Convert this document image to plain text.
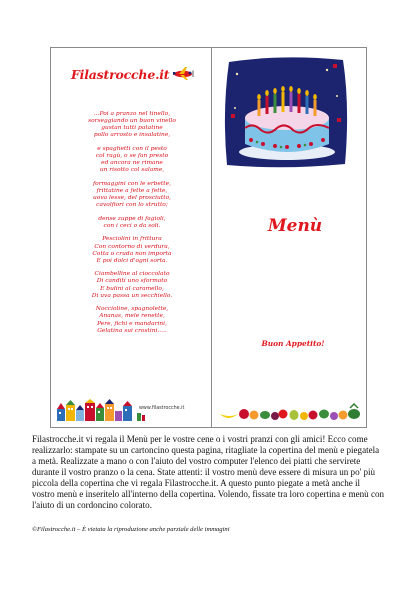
Filastrocche.it
...Poi a pranzo nel tinello,
sorseggiando un buon vinello
gustan tutti patatine
pollo arrosto e insalatine,
e spaghetti con il pesto
col ragù, o se fan presto
ed ancora ne rimane
un risotto col salame,
formaggini con le erbette,
frittatine a fette a fette,
uova lesse, del prosciutto,
cavolfiori con lo strutto;
dense zuppe di fagioli,
con i ceci o da soli.
Pesciolini in frittura
Con contorno di verdura,
Cotta o cruda non importa
E poi dolci d'ogni sorta.
Ciambelline al cioccolato
Di canditi uno sformato
E bulini al caramello,
Di uva passa un secchiello.
Noccioline, spagnolette,
Ananas, mele renette,
Pere, fichi e mandarini,
Gelatina sui crostini.....
www.filastrocche.it
Menù
Buon Appetito!

Filastrocche.it vi regala il Menù per le vostre cene o i vostri pranzi con gli amici! Ecco come realizzarlo: stampate su un cartoncino questa pagina, ritagliate la copertina del menù e piegatela a metà. Realizzate a mano o con l'aiuto del vostro computer l'elenco dei piatti che servirete durante il vostro pranzo o la cena. State attenti: il vostro menù deve essere di misura un po' più piccola della copertina che vi regala Filastrocche.it. A questo punto piegate a metà anche il vostro menù e inseritelo all'interno della copertina. Volendo, fissate tra loro copertina e menù con l'aiuto di un cordoncino colorato.

©Filastrocche.it – È vietata la riproduzione anche parziale delle immagini
